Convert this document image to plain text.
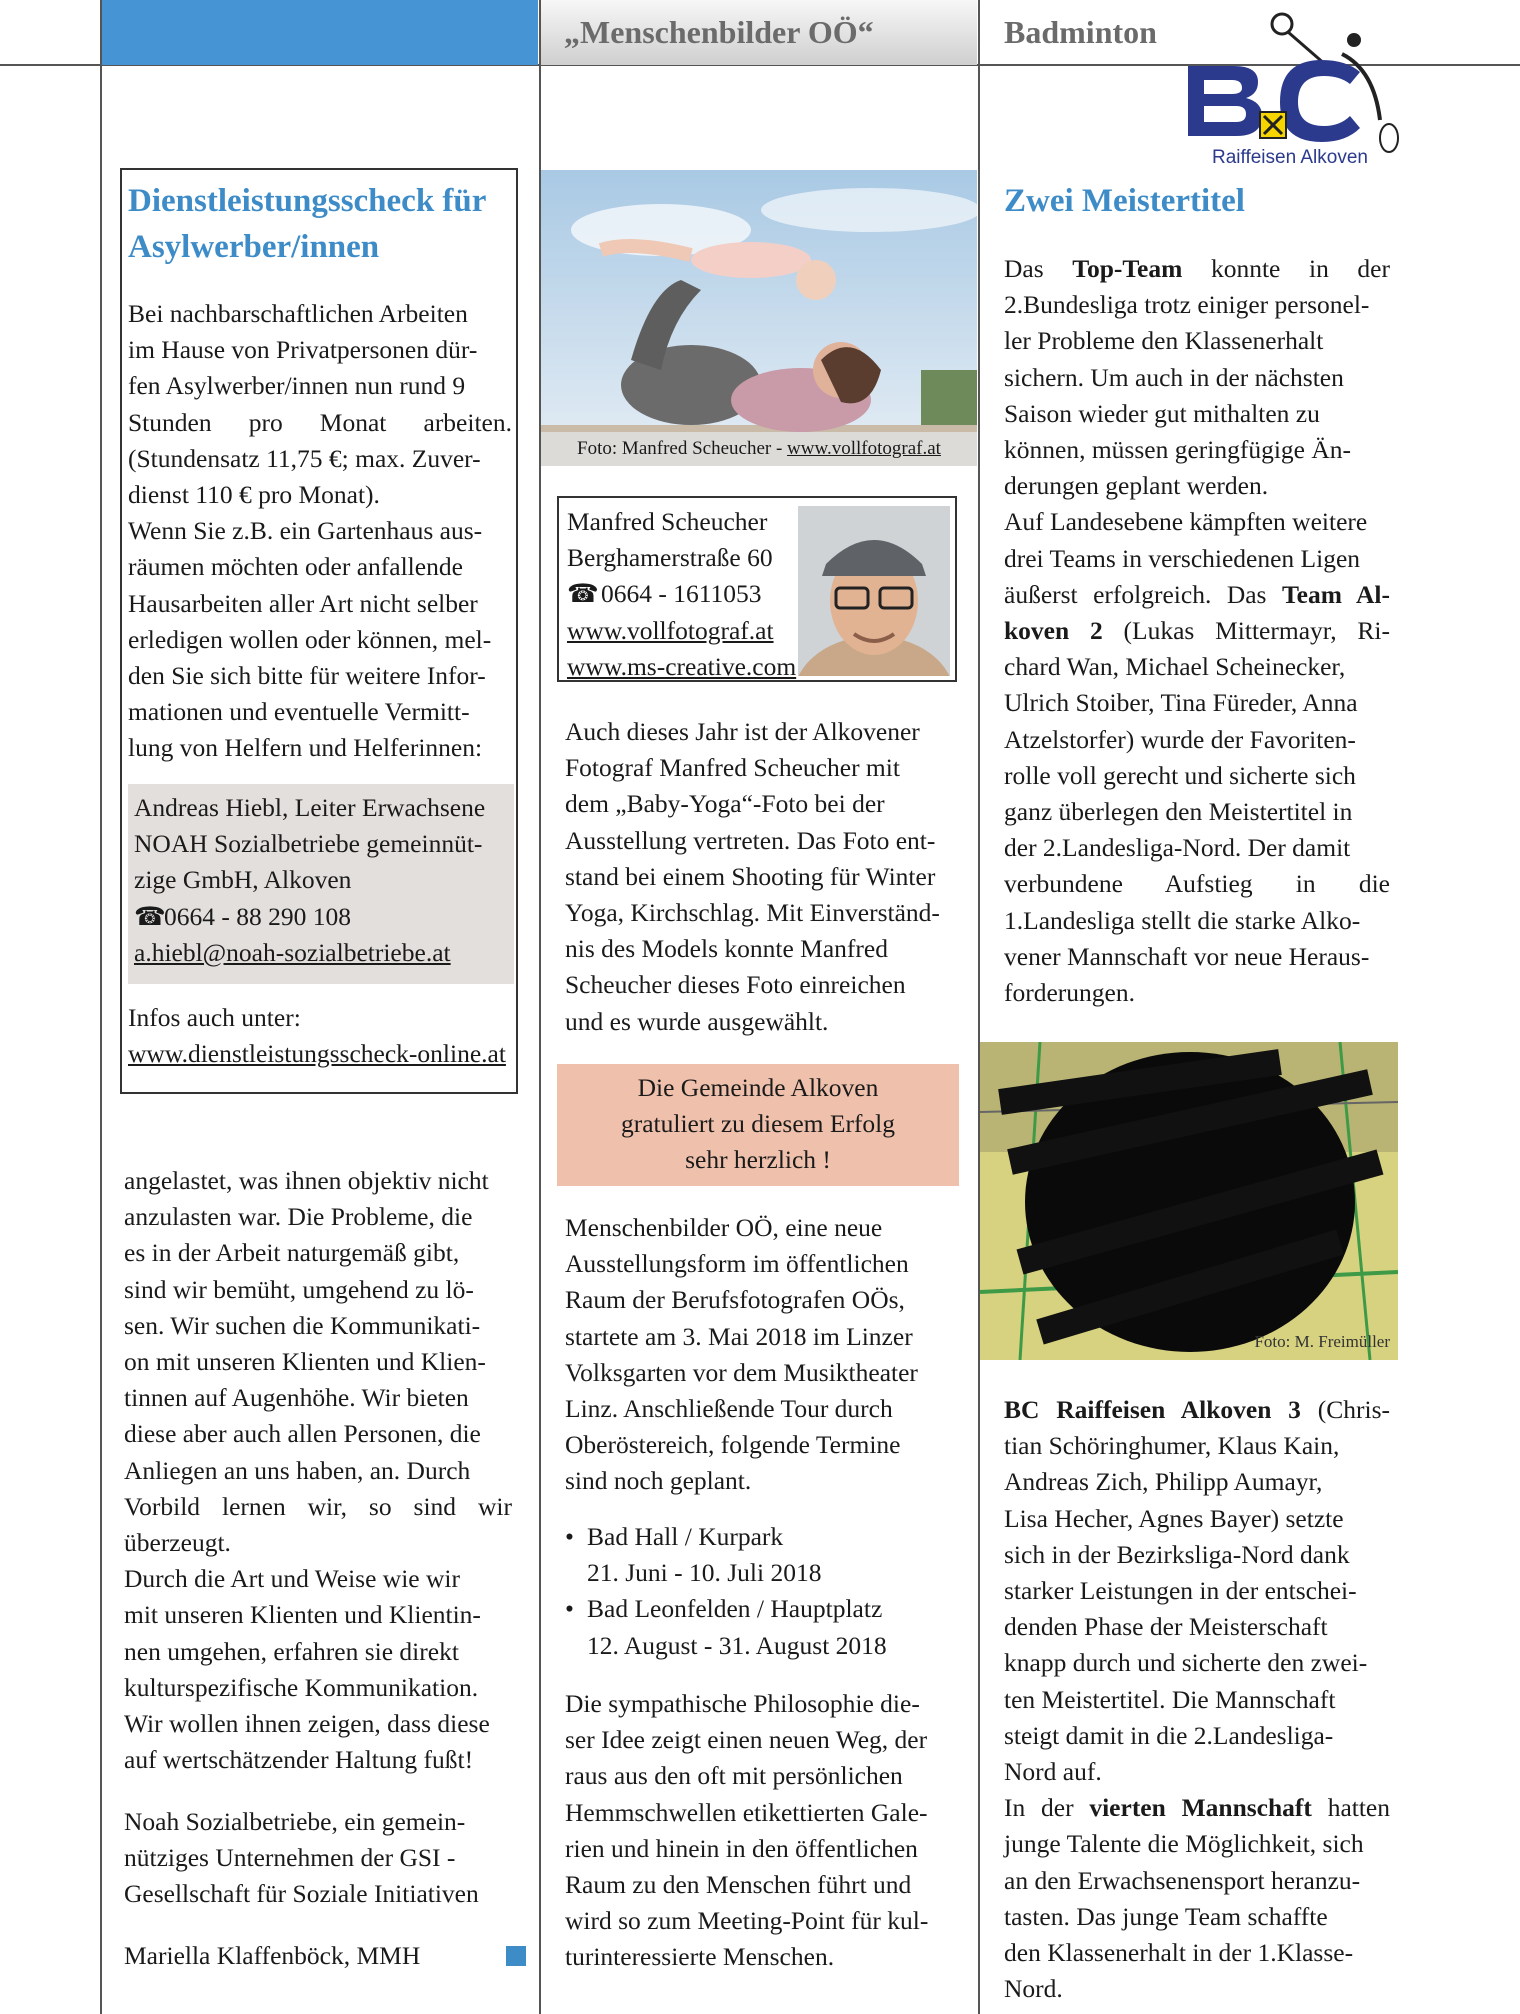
„Menschenbilder OÖ“	Badminton
Raiffeisen Alkoven
Dienstleistungsscheck für Asylwerber/innen

Bei nachbarschaftlichen Arbeiten

im Hause von Privatpersonen dür-

fen Asylwerber/innen nun rund 9

Stunden pro Monat arbeiten.

(Stundensatz 11,75 €; max. Zuver-

dienst 110 € pro Monat).

Wenn Sie z.B. ein Gartenhaus aus-

räumen möchten oder anfallende

Hausarbeiten aller Art nicht selber

erledigen wollen oder können, mel-

den Sie sich bitte für weitere Infor-

mationen und eventuelle Vermitt-

lung von Helfern und Helferinnen:

Andreas Hiebl, Leiter Erwachsene

NOAH Sozialbetriebe gemeinnüt-

zige GmbH, Alkoven

☎0664 - 88 290 108

a.hiebl@noah-sozialbetriebe.at

Infos auch unter:

www.dienstleistungsscheck-online.at

angelastet, was ihnen objektiv nicht

anzulasten war. Die Probleme, die

es in der Arbeit naturgemäß gibt,

sind wir bemüht, umgehend zu lö-

sen. Wir suchen die Kommunikati-

on mit unseren Klienten und Klien-

tinnen auf Augenhöhe. Wir bieten

diese aber auch allen Personen, die

Anliegen an uns haben, an. Durch

Vorbild lernen wir, so sind wir

überzeugt.

Durch die Art und Weise wie wir

mit unseren Klienten und Klientin-

nen umgehen, erfahren sie direkt

kulturspezifische Kommunikation.

Wir wollen ihnen zeigen, dass diese

auf wertschätzender Haltung fußt!

Noah Sozialbetriebe, ein gemein-

nütziges Unternehmen der GSI -

Gesellschaft für Soziale Initiativen

Mariella Klaffenböck, MMH
Foto: Manfred Scheucher - www.vollfotograf.at

Manfred Scheucher

Berghamerstraße 60

☎0664 - 1611053

www.vollfotograf.at

www.ms-creative.com

Auch dieses Jahr ist der Alkovener

Fotograf Manfred Scheucher mit

dem „Baby-Yoga“-Foto bei der

Ausstellung vertreten. Das Foto ent-

stand bei einem Shooting für Winter

Yoga, Kirchschlag. Mit Einverständ-

nis des Models konnte Manfred

Scheucher dieses Foto einreichen

und es wurde ausgewählt.

Die Gemeinde Alkoven
gratuliert zu diesem Erfolg
sehr herzlich !

Menschenbilder OÖ, eine neue

Ausstellungsform im öffentlichen

Raum der Berufsfotografen OÖs,

startete am 3. Mai 2018 im Linzer

Volksgarten vor dem Musiktheater

Linz. Anschließende Tour durch

Oberöstereich, folgende Termine

sind noch geplant.

• Bad Hall / Kurpark
21. Juni - 10. Juli 2018
• Bad Leonfelden / Hauptplatz
12. August - 31. August 2018

Die sympathische Philosophie die-

ser Idee zeigt einen neuen Weg, der

raus aus den oft mit persönlichen

Hemmschwellen etikettierten Gale-

rien und hinein in den öffentlichen

Raum zu den Menschen führt und

wird so zum Meeting-Point für kul-

turinteressierte Menschen.

Zwei Meistertitel

Das Top-Team konnte in der

2.Bundesliga trotz einiger personel-

ler Probleme den Klassenerhalt

sichern. Um auch in der nächsten

Saison wieder gut mithalten zu

können, müssen geringfügige Än-

derungen geplant werden.

Auf Landesebene kämpften weitere

drei Teams in verschiedenen Ligen

äußerst erfolgreich. Das Team Al-

koven 2 (Lukas Mittermayr, Ri-

chard Wan, Michael Scheinecker,

Ulrich Stoiber, Tina Füreder, Anna

Atzelstorfer) wurde der Favoriten-

rolle voll gerecht und sicherte sich

ganz überlegen den Meistertitel in

der 2.Landesliga-Nord. Der damit

verbundene Aufstieg in die

1.Landesliga stellt die starke Alko-

vener Mannschaft vor neue Heraus-

forderungen.

Foto: M. Freimüller

BC Raiffeisen Alkoven 3 (Chris-

tian Schöringhumer, Klaus Kain,

Andreas Zich, Philipp Aumayr,

Lisa Hecher, Agnes Bayer) setzte

sich in der Bezirksliga-Nord dank

starker Leistungen in der entschei-

denden Phase der Meisterschaft

knapp durch und sicherte den zwei-

ten Meistertitel. Die Mannschaft

steigt damit in die 2.Landesliga-

Nord auf.

In der vierten Mannschaft hatten

junge Talente die Möglichkeit, sich

an den Erwachsenensport heranzu-

tasten. Das junge Team schaffte

den Klassenerhalt in der 1.Klasse-

Nord.
